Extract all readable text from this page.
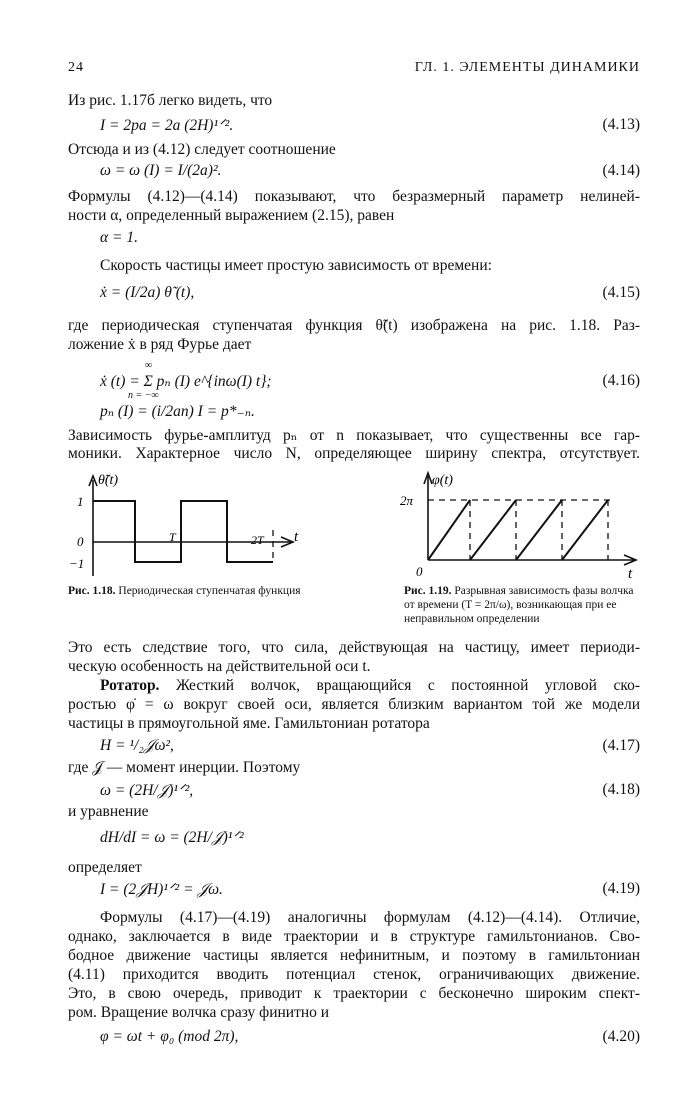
24	ГЛ. 1. ЭЛЕМЕНТЫ ДИНАМИКИ
Из рис. 1.17б легко видеть, что
I = 2pa = 2a (2H)¹ᐟ².	(4.13)
Отсюда и из (4.12) следует соотношение
ω = ω (I) = I/(2a)².	(4.14)
Формулы (4.12)—(4.14) показывают, что безразмерный параметр нелиней-
ности α, определенный выражением (2.15), равен
α = 1.
Скорость частицы имеет простую зависимость от времени:
ẋ = (I/2a) θ̃ (t),	(4.15)
где периодическая ступенчатая функция θ̃(t) изображена на рис. 1.18. Раз-
ложение ẋ в ряд Фурье дает
ẋ (t) = Σ pₙ (I) e^{inω(I) t};	(4.16)
∞
n = −∞
pₙ (I) = (i/2an) I = p*₋ₙ.
Зависимость фурье-амплитуд pₙ от n показывает, что существенны все гар-
моники. Характерное число N, определяющее ширину спектра, отсутствует.
θ̃(t)
t
1
0
−1
T	2T
Рис. 1.18. Периодическая ступенчатая функция
φ(t)
2π
0	t
Рис. 1.19. Разрывная зависимость фазы волчка от времени (T = 2π/ω), возникающая при ее неправильном определении
Это есть следствие того, что сила, действующая на частицу, имеет периоди-
ческую особенность на действительной оси t.
Ротатор. Жесткий волчок, вращающийся с постоянной угловой ско-
ростью φ̇ = ω вокруг своей оси, является близким вариантом той же модели
частицы в прямоугольной яме. Гамильтониан ротатора
H = ¹/₂𝒥ω²,	(4.17)
где 𝒥 — момент инерции. Поэтому
ω = (2H/𝒥)¹ᐟ²,	(4.18)
и уравнение
dH/dI = ω = (2H/𝒥)¹ᐟ²
определяет
I = (2𝒥H)¹ᐟ² = 𝒥ω.	(4.19)
Формулы (4.17)—(4.19) аналогичны формулам (4.12)—(4.14). Отличие,
однако, заключается в виде траектории и в структуре гамильтонианов. Сво-
бодное движение частицы является нефинитным, и поэтому в гамильтониан
(4.11) приходится вводить потенциал стенок, ограничивающих движение.
Это, в свою очередь, приводит к траектории с бесконечно широким спект-
ром. Вращение волчка сразу финитно и
φ = ωt + φ₀ (mod 2π),	(4.20)
